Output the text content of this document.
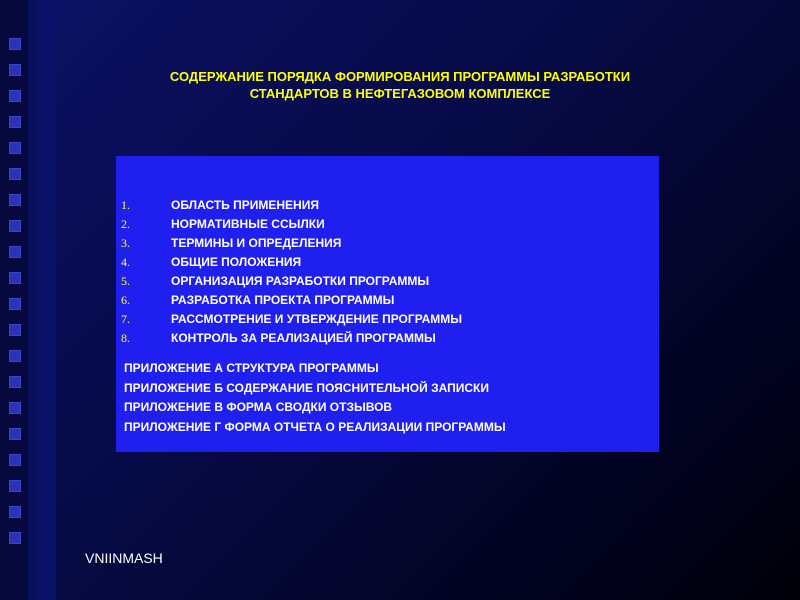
СОДЕРЖАНИЕ ПОРЯДКА ФОРМИРОВАНИЯ ПРОГРАММЫ РАЗРАБОТКИ
СТАНДАРТОВ В НЕФТЕГАЗОВОМ КОМПЛЕКСЕ
1.	ОБЛАСТЬ ПРИМЕНЕНИЯ
2.	НОРМАТИВНЫЕ ССЫЛКИ
3.	ТЕРМИНЫ И ОПРЕДЕЛЕНИЯ
4.	ОБЩИЕ ПОЛОЖЕНИЯ
5.	ОРГАНИЗАЦИЯ РАЗРАБОТКИ ПРОГРАММЫ
6.	РАЗРАБОТКА ПРОЕКТА ПРОГРАММЫ
7.	РАССМОТРЕНИЕ И УТВЕРЖДЕНИЕ ПРОГРАММЫ
8.	КОНТРОЛЬ ЗА РЕАЛИЗАЦИЕЙ ПРОГРАММЫ
ПРИЛОЖЕНИЕ А СТРУКТУРА ПРОГРАММЫ
ПРИЛОЖЕНИЕ Б СОДЕРЖАНИЕ ПОЯСНИТЕЛЬНОЙ ЗАПИСКИ
ПРИЛОЖЕНИЕ В ФОРМА СВОДКИ ОТЗЫВОВ
ПРИЛОЖЕНИЕ Г ФОРМА ОТЧЕТА О РЕАЛИЗАЦИИ ПРОГРАММЫ
VNIINMASH
